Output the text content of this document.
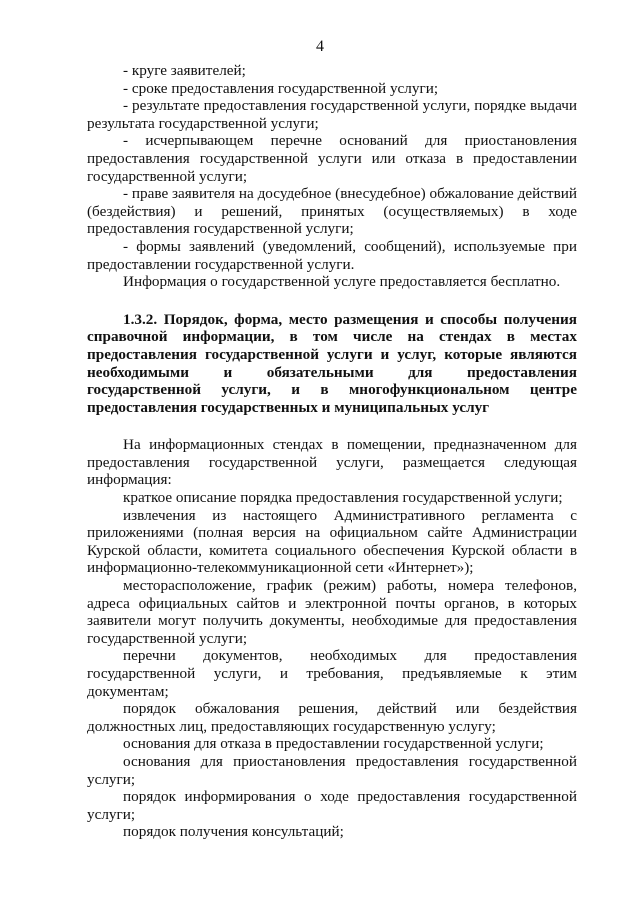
4
- круге заявителей;
- сроке предоставления государственной услуги;
- результате предоставления государственной услуги, порядке выдачи
результата государственной услуги;
- исчерпывающем перечне оснований для приостановления
предоставления государственной услуги или отказа в предоставлении
государственной услуги;
- праве заявителя на досудебное (внесудебное) обжалование действий
(бездействия) и решений, принятых (осуществляемых) в ходе
предоставления государственной услуги;
- формы заявлений (уведомлений, сообщений), используемые при
предоставлении государственной услуги.
Информация о государственной услуге предоставляется бесплатно.
1.3.2. Порядок, форма, место размещения и способы получения
справочной информации, в том числе на стендах в местах
предоставления государственной услуги и услуг, которые являются
необходимыми и обязательными для предоставления
государственной услуги, и в многофункциональном центре
предоставления государственных и муниципальных услуг
На информационных стендах в помещении, предназначенном для
предоставления государственной услуги, размещается следующая
информация:
краткое описание порядка предоставления государственной услуги;
извлечения из настоящего Административного регламента с
приложениями (полная версия на официальном сайте Администрации
Курской области, комитета социального обеспечения Курской области в
информационно-телекоммуникационной сети «Интернет»);
месторасположение, график (режим) работы, номера телефонов,
адреса официальных сайтов и электронной почты органов, в которых
заявители могут получить документы, необходимые для предоставления
государственной услуги;
перечни документов, необходимых для предоставления
государственной услуги, и требования, предъявляемые к этим
документам;
порядок обжалования решения, действий или бездействия
должностных лиц, предоставляющих государственную услугу;
основания для отказа в предоставлении государственной услуги;
основания для приостановления предоставления государственной
услуги;
порядок информирования о ходе предоставления государственной
услуги;
порядок получения консультаций;
